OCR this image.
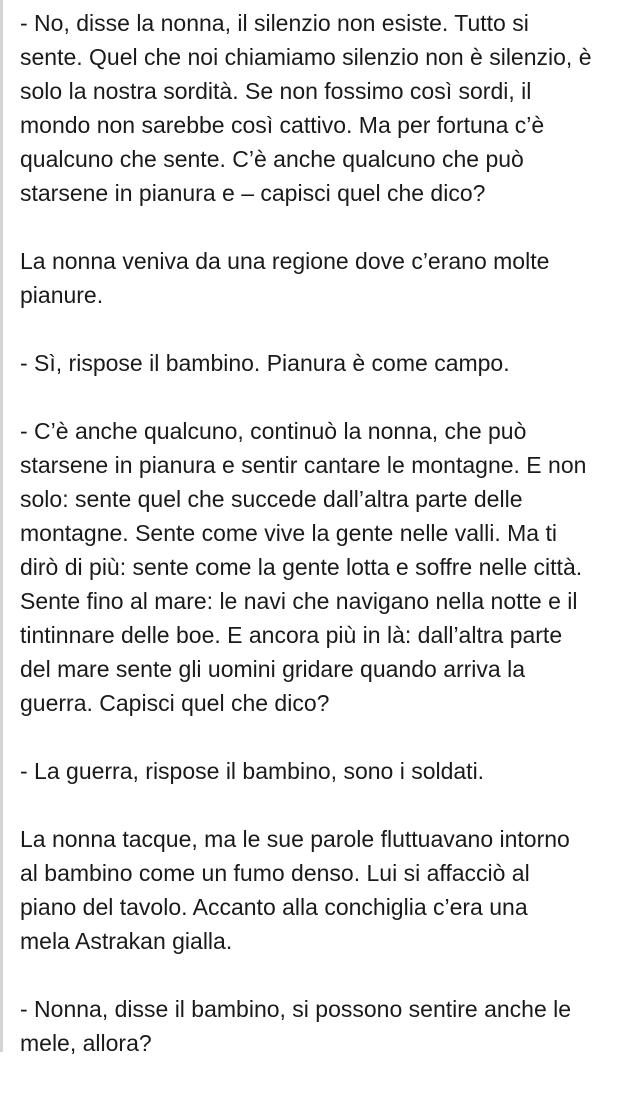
- No, disse la nonna, il silenzio non esiste. Tutto si
sente. Quel che noi chiamiamo silenzio non è silenzio, è
solo la nostra sordità. Se non fossimo così sordi, il
mondo non sarebbe così cattivo. Ma per fortuna c’è
qualcuno che sente. C’è anche qualcuno che può
starsene in pianura e – capisci quel che dico?

La nonna veniva da una regione dove c’erano molte
pianure.

- Sì, rispose il bambino. Pianura è come campo.

- C’è anche qualcuno, continuò la nonna, che può
starsene in pianura e sentir cantare le montagne. E non
solo: sente quel che succede dall’altra parte delle
montagne. Sente come vive la gente nelle valli. Ma ti
dirò di più: sente come la gente lotta e soffre nelle città.
Sente fino al mare: le navi che navigano nella notte e il
tintinnare delle boe. E ancora più in là: dall’altra parte
del mare sente gli uomini gridare quando arriva la
guerra. Capisci quel che dico?

- La guerra, rispose il bambino, sono i soldati.

La nonna tacque, ma le sue parole fluttuavano intorno
al bambino come un fumo denso. Lui si affacciò al
piano del tavolo. Accanto alla conchiglia c’era una
mela Astrakan gialla.

- Nonna, disse il bambino, si possono sentire anche le
mele, allora?
